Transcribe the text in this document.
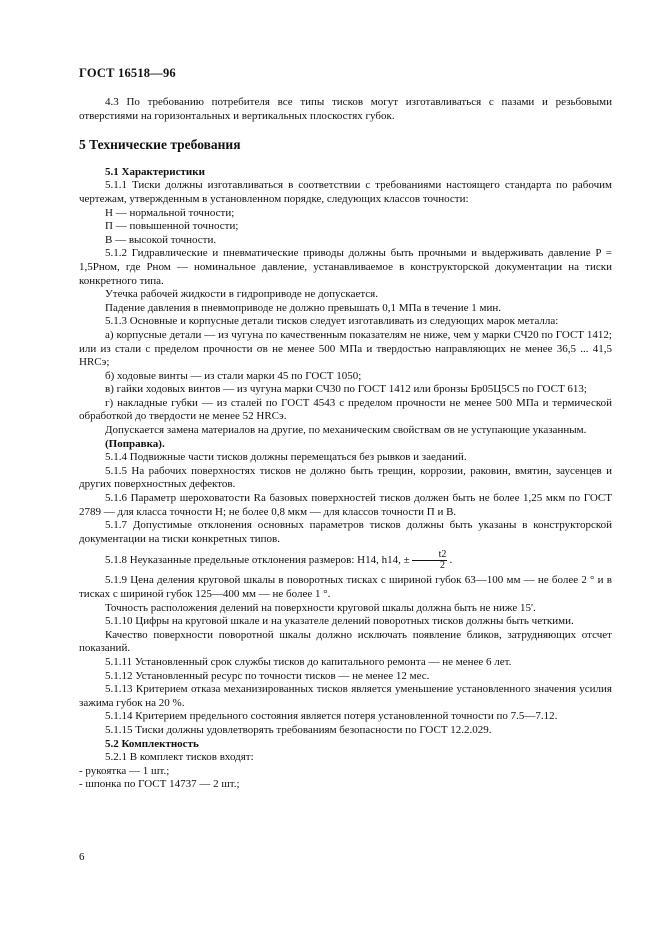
ГОСТ 16518—96

4.3 По требованию потребителя все типы тисков могут изготавливаться с пазами и резьбовыми отверстиями на горизонтальных и вертикальных плоскостях губок.

5 Технические требования

5.1 Характеристики

5.1.1 Тиски должны изготавливаться в соответствии с требованиями настоящего стандарта по рабочим чертежам, утвержденным в установленном порядке, следующих классов точности:

Н — нормальной точности;

П — повышенной точности;

В — высокой точности.

5.1.2 Гидравлические и пневматические приводы должны быть прочными и выдерживать давление P = 1,5Pном, где Pном — номинальное давление, устанавливаемое в конструкторской документации на тиски конкретного типа.

Утечка рабочей жидкости в гидроприводе не допускается.

Падение давления в пневмоприводе не должно превышать 0,1 МПа в течение 1 мин.

5.1.3 Основные и корпусные детали тисков следует изготавливать из следующих марок металла:

а) корпусные детали — из чугуна по качественным показателям не ниже, чем у марки СЧ20 по ГОСТ 1412; или из стали с пределом прочности σв не менее 500 МПа и твердостью направляющих не менее 36,5 ... 41,5 HRCэ;

б) ходовые винты — из стали марки 45 по ГОСТ 1050;

в) гайки ходовых винтов — из чугуна марки СЧ30 по ГОСТ 1412 или бронзы Бр05Ц5С5 по ГОСТ 613;

г) накладные губки — из сталей по ГОСТ 4543 с пределом прочности не менее 500 МПа и термической обработкой до твердости не менее 52 HRCэ.

Допускается замена материалов на другие, по механическим свойствам σв не уступающие указанным.

(Поправка).

5.1.4 Подвижные части тисков должны перемещаться без рывков и заеданий.

5.1.5 На рабочих поверхностях тисков не должно быть трещин, коррозии, раковин, вмятин, заусенцев и других поверхностных дефектов.

5.1.6 Параметр шероховатости Ra базовых поверхностей тисков должен быть не более 1,25 мкм по ГОСТ 2789 — для класса точности Н; не более 0,8 мкм — для классов точности П и В.

5.1.7 Допустимые отклонения основных параметров тисков должны быть указаны в конструкторской документации на тиски конкретных типов.

5.1.8 Неуказанные предельные отклонения размеров: H14, h14, ± $\frac{t2}{2}$ .

5.1.9 Цена деления круговой шкалы в поворотных тисках с шириной губок 63—100 мм — не более 2 ° и в тисках с шириной губок 125—400 мм — не более 1 °.

Точность расположения делений на поверхности круговой шкалы должна быть не ниже 15'.

5.1.10 Цифры на круговой шкале и на указателе делений поворотных тисков должны быть четкими.

Качество поверхности поворотной шкалы должно исключать появление бликов, затрудняющих отсчет показаний.

5.1.11 Установленный срок службы тисков до капитального ремонта — не менее 6 лет.

5.1.12 Установленный ресурс по точности тисков — не менее 12 мес.

5.1.13 Критерием отказа механизированных тисков является уменьшение установленного значения усилия зажима губок на 20 %.

5.1.14 Критерием предельного состояния является потеря установленной точности по 7.5—7.12.

5.1.15 Тиски должны удовлетворять требованиям безопасности по ГОСТ 12.2.029.

5.2 Комплектность

5.2.1 В комплект тисков входят:

- рукоятка — 1 шт.;

- шпонка по ГОСТ 14737 — 2 шт.;

6
